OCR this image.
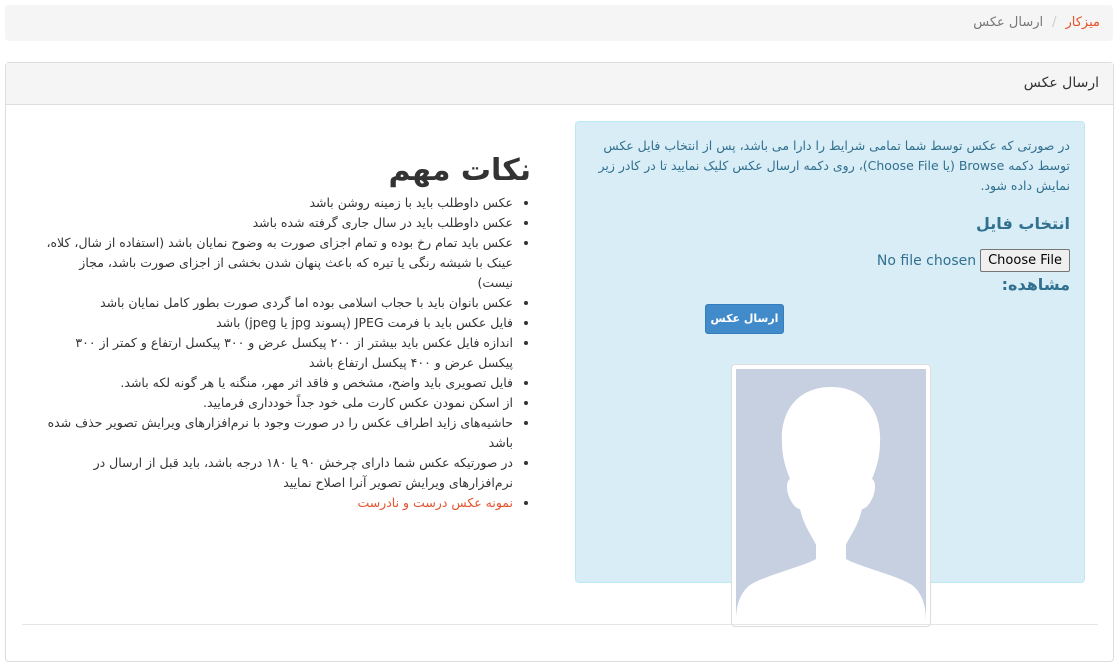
میزکار/ارسال عکس
ارسال عکس
در صورتی که عکس توسط شما تمامی شرایط را دارا می باشد، پس از انتخاب فایل عکس توسط دکمه Browse (یا Choose File)، روی دکمه ارسال عکس کلیک نمایید تا در کادر زیر نمایش داده شود.
انتخاب فایل
Choose File
No file chosen
مشاهده:
ارسال عکس
نکات مهم
• عکس داوطلب باید با زمینه روشن باشد
• عکس داوطلب باید در سال جاری گرفته شده باشد
• عکس باید تمام رخ بوده و تمام اجزای صورت به وضوح نمایان باشد (استفاده از شال، کلاه، عینک با شیشه رنگی یا تیره که باعث پنهان شدن بخشی از اجزای صورت باشد، مجاز نیست)
• عکس بانوان باید با حجاب اسلامی بوده اما گردی صورت بطور کامل نمایان باشد
• فایل عکس باید با فرمت JPEG (پسوند jpg یا jpeg) باشد
• اندازه فایل عکس باید بیشتر از ۲۰۰ پیکسل عرض و ۳۰۰ پیکسل ارتفاع و کمتر از ۳۰۰ پیکسل عرض و ۴۰۰ پیکسل ارتفاع باشد
• فایل تصویری باید واضح، مشخص و فاقد اثر مهر، منگنه یا هر گونه لکه باشد.
• از اسکن نمودن عکس کارت ملی خود جداً خودداری فرمایید.
• حاشیه‌های زاید اطراف عکس را در صورت وجود با نرم‌افزارهای ویرایش تصویر حذف شده باشد
• در صورتیکه عکس شما دارای چرخش ۹۰ یا ۱۸۰ درجه باشد، باید قبل از ارسال در نرم‌افزارهای ویرایش تصویر آنرا اصلاح نمایید
• نمونه عکس درست و نادرست
